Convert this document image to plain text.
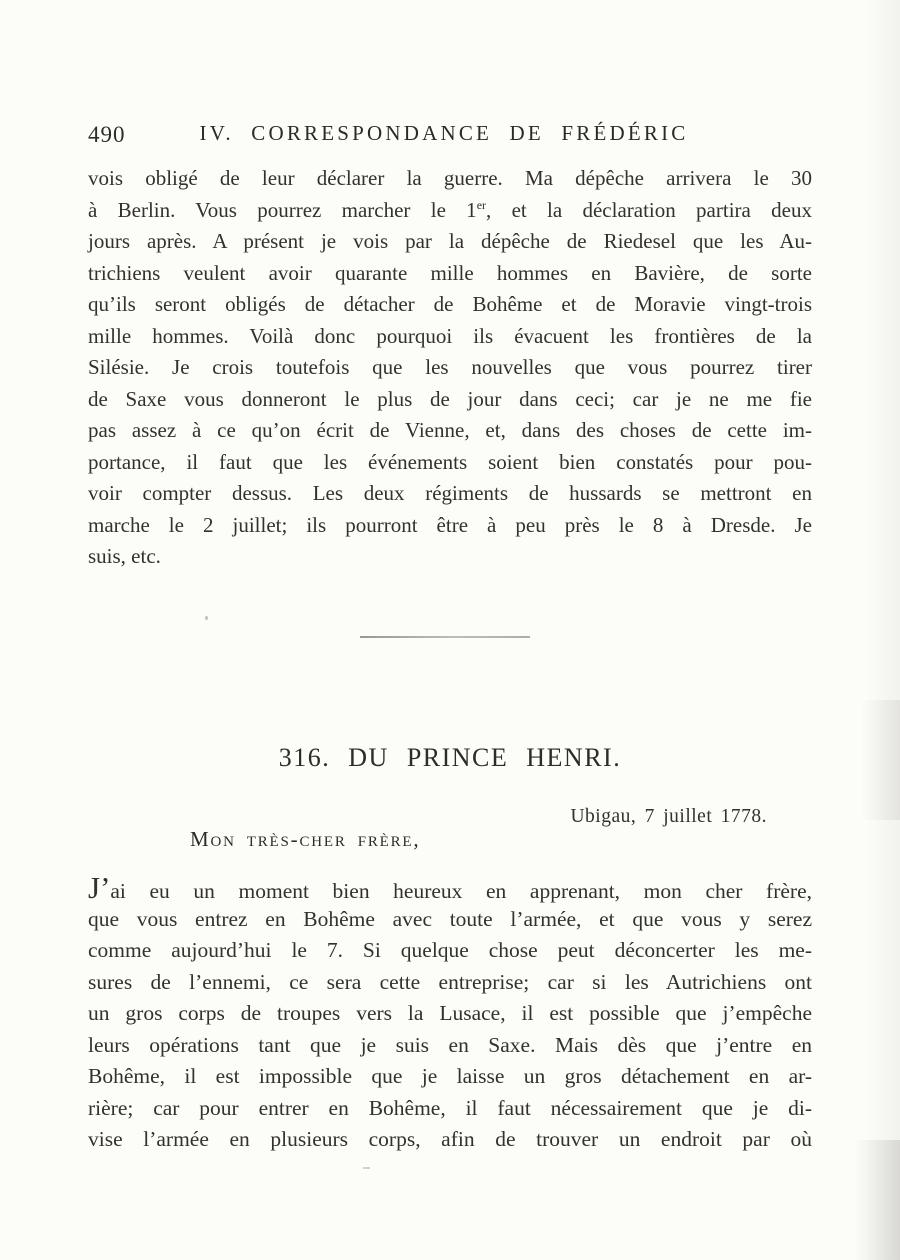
490	IV. CORRESPONDANCE DE FRÉDÉRIC
vois obligé de leur déclarer la guerre. Ma dépêche arrivera le 30
à Berlin. Vous pourrez marcher le 1er, et la déclaration partira deux
jours après. A présent je vois par la dépêche de Riedesel que les Au-
trichiens veulent avoir quarante mille hommes en Bavière, de sorte
qu’ils seront obligés de détacher de Bohême et de Moravie vingt-trois
mille hommes. Voilà donc pourquoi ils évacuent les frontières de la
Silésie. Je crois toutefois que les nouvelles que vous pourrez tirer
de Saxe vous donneront le plus de jour dans ceci; car je ne me fie
pas assez à ce qu’on écrit de Vienne, et, dans des choses de cette im-
portance, il faut que les événements soient bien constatés pour pou-
voir compter dessus. Les deux régiments de hussards se mettront en
marche le 2 juillet; ils pourront être à peu près le 8 à Dresde. Je
suis, etc.
316. DU PRINCE HENRI.
Ubigau, 7 juillet 1778.
Mon très-cher frère,
J’ai eu un moment bien heureux en apprenant, mon cher frère,
que vous entrez en Bohême avec toute l’armée, et que vous y serez
comme aujourd’hui le 7. Si quelque chose peut déconcerter les me-
sures de l’ennemi, ce sera cette entreprise; car si les Autrichiens ont
un gros corps de troupes vers la Lusace, il est possible que j’empêche
leurs opérations tant que je suis en Saxe. Mais dès que j’entre en
Bohême, il est impossible que je laisse un gros détachement en ar-
rière; car pour entrer en Bohême, il faut nécessairement que je di-
vise l’armée en plusieurs corps, afin de trouver un endroit par où
